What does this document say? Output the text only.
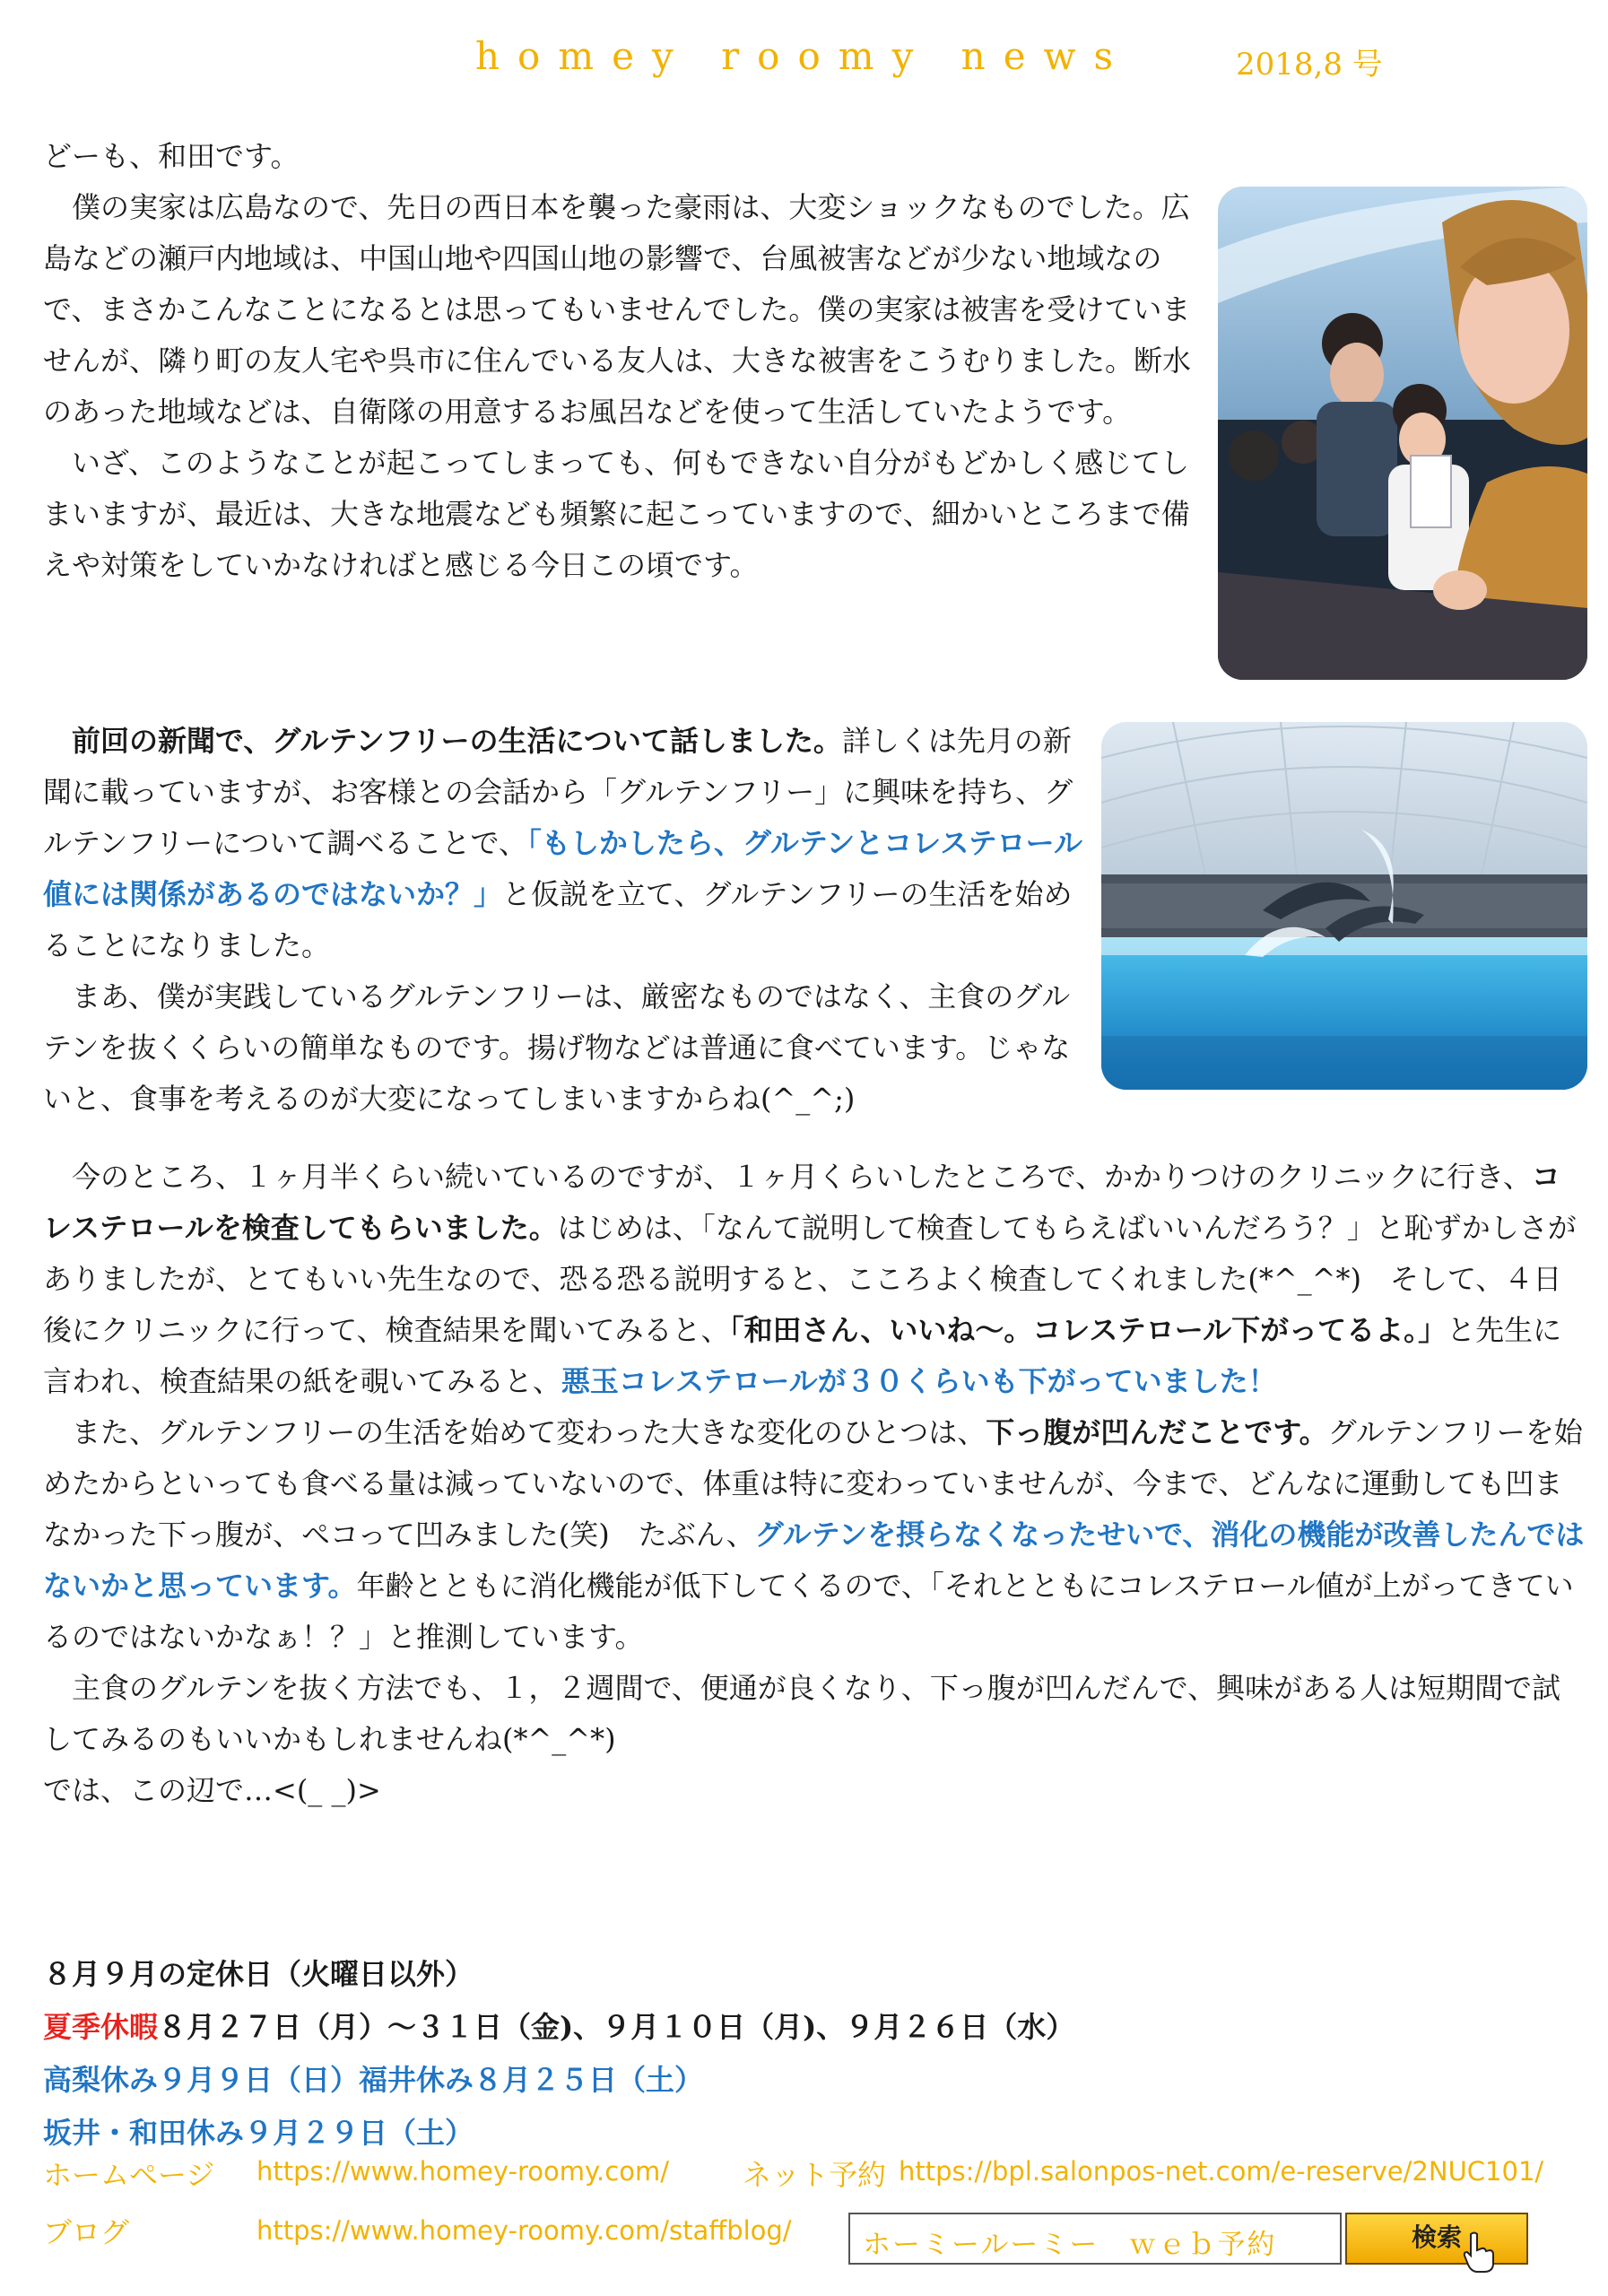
homey roomy news	2018,8 号

どーも、和田です。

僕の実家は広島なので、先日の西日本を襲った豪雨は、大変ショックなものでした。広島などの瀬戸内地域は、中国山地や四国山地の影響で、台風被害などが少ない地域なので、まさかこんなことになるとは思ってもいませんでした。僕の実家は被害を受けていませんが、隣り町の友人宅や呉市に住んでいる友人は、大きな被害をこうむりました。断水のあった地域などは、自衛隊の用意するお風呂などを使って生活していたようです。

いざ、このようなことが起こってしまっても、何もできない自分がもどかしく感じてしまいますが、最近は、大きな地震なども頻繁に起こっていますので、細かいところまで備えや対策をしていかなければと感じる今日この頃です。

前回の新聞で、グルテンフリーの生活について話しました。詳しくは先月の新聞に載っていますが、お客様との会話から「グルテンフリー」に興味を持ち、グルテンフリーについて調べることで、「もしかしたら、グルテンとコレステロール値には関係があるのではないか？」と仮説を立て、グルテンフリーの生活を始めることになりました。

まあ、僕が実践しているグルテンフリーは、厳密なものではなく、主食のグルテンを抜くくらいの簡単なものです。揚げ物などは普通に食べています。じゃないと、食事を考えるのが大変になってしまいますからね(^_^;)

今のところ、１ヶ月半くらい続いているのですが、１ヶ月くらいしたところで、かかりつけのクリニックに行き、コレステロールを検査してもらいました。はじめは、「なんて説明して検査してもらえばいいんだろう？」と恥ずかしさがありましたが、とてもいい先生なので、恐る恐る説明すると、こころよく検査してくれました(*^_^*)　そして、４日後にクリニックに行って、検査結果を聞いてみると、「和田さん、いいね〜。コレステロール下がってるよ。」と先生に言われ、検査結果の紙を覗いてみると、悪玉コレステロールが３０くらいも下がっていました！

また、グルテンフリーの生活を始めて変わった大きな変化のひとつは、下っ腹が凹んだことです。グルテンフリーを始めたからといっても食べる量は減っていないので、体重は特に変わっていませんが、今まで、どんなに運動しても凹まなかった下っ腹が、ペコって凹みました(笑)　たぶん、グルテンを摂らなくなったせいで、消化の機能が改善したんではないかと思っています。年齢とともに消化機能が低下してくるので、「それとともにコレステロール値が上がってきているのではないかなぁ！？」と推測しています。

主食のグルテンを抜く方法でも、１，２週間で、便通が良くなり、下っ腹が凹んだんで、興味がある人は短期間で試してみるのもいいかもしれませんね(*^_^*)

では、この辺で…<(_ _)>

８月９月の定休日（火曜日以外）
夏季休暇８月２７日（月）〜３１日（金)、９月１０日（月)、９月２６日（水）
高梨休み９月９日（日）福井休み８月２５日（土）
坂井・和田休み９月２９日（土）
ホームページ https://www.homey-roomy.com/	ネット予約 https://bpl.salonpos-net.com/e-reserve/2NUC101/
ブログ	https://www.homey-roomy.com/staffblog/	ホーミールーミー　ｗｅｂ予約	検索
